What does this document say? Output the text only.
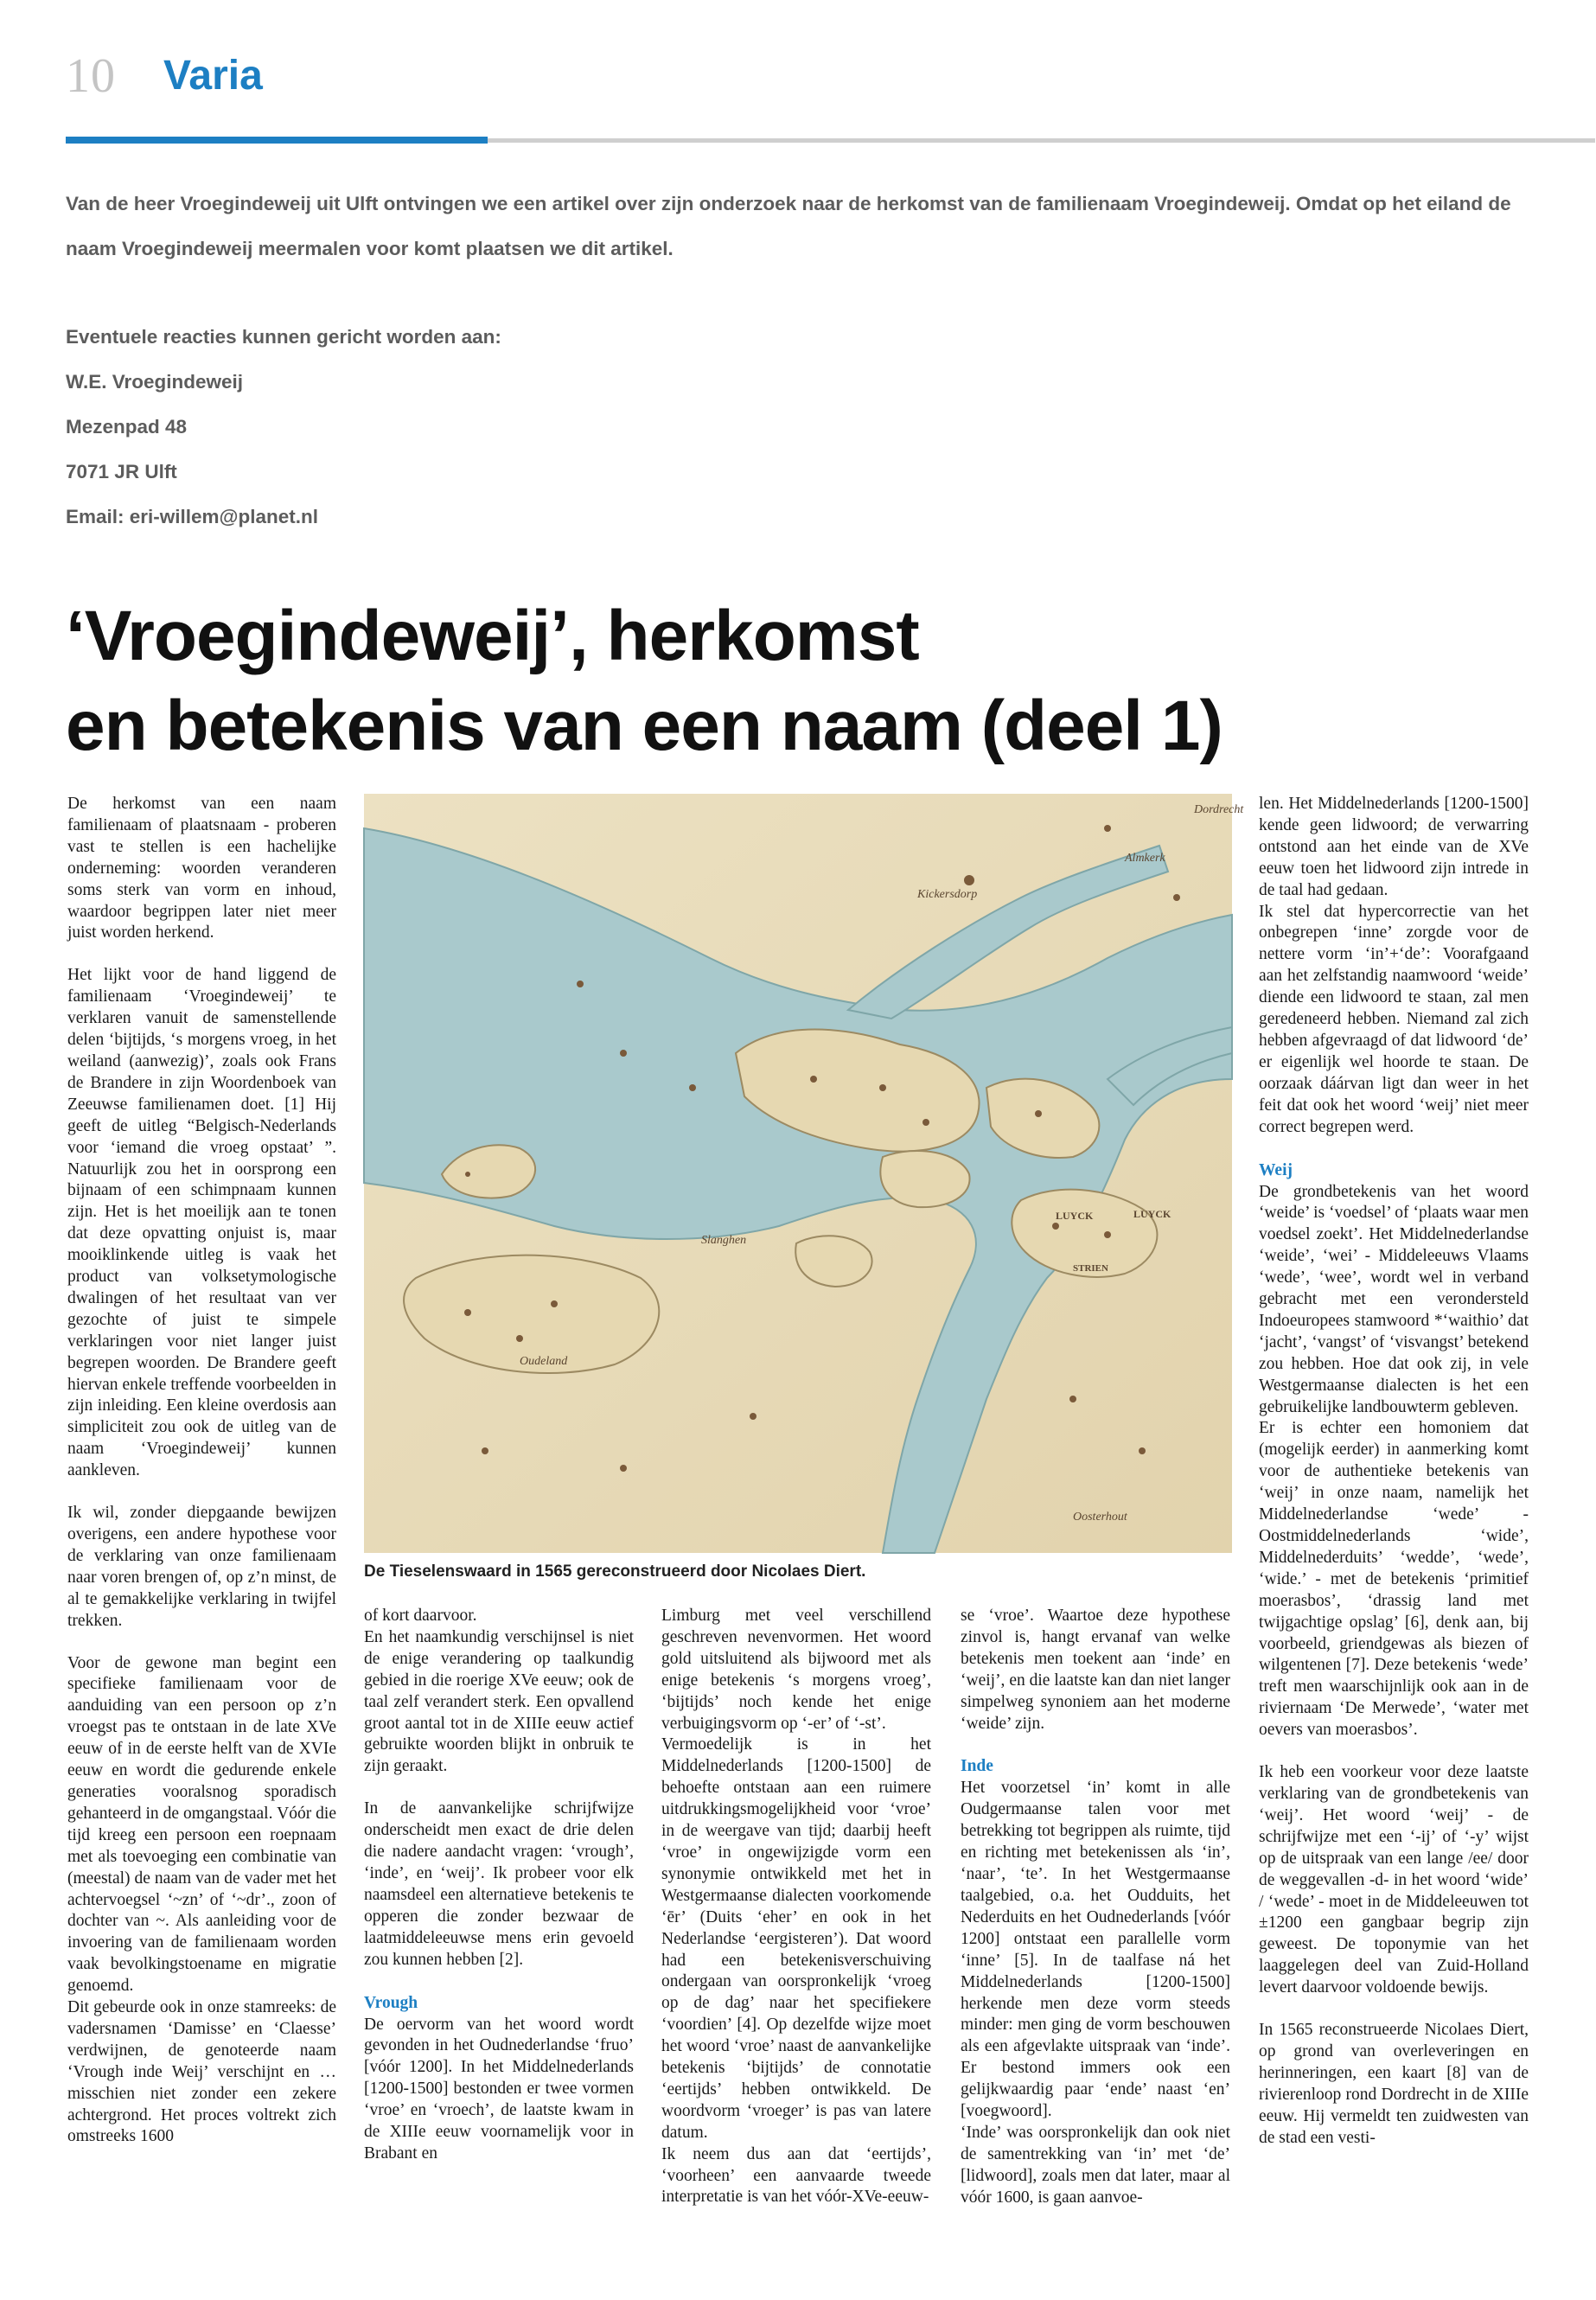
10 Varia

Van de heer Vroegindeweij uit Ulft ontvingen we een artikel over zijn onderzoek naar de herkomst van de familienaam Vroegindeweij. Omdat op het eiland de naam Vroegindeweij meermalen voor komt plaatsen we dit artikel.

Eventuele reacties kunnen gericht worden aan:
W.E. Vroegindeweij
Mezenpad 48
7071 JR Ulft
Email: eri-willem@planet.nl
‘Vroegindeweij’, herkomst
en betekenis van een naam (deel 1)

De herkomst van een naam familienaam of plaatsnaam - proberen vast te stellen is een hachelijke onderneming: woorden veranderen soms sterk van vorm en inhoud, waardoor begrippen later niet meer juist worden herkend.

Het lijkt voor de hand liggend de familienaam ‘Vroegindeweij’ te verklaren vanuit de samenstellende delen ‘bijtijds, ‘s morgens vroeg, in het weiland (aanwezig)’, zoals ook Frans de Brandere in zijn Woordenboek van Zeeuwse familienamen doet. [1] Hij geeft de uitleg “Belgisch-Nederlands voor ‘iemand die vroeg opstaat’ ”. Natuurlijk zou het in oorsprong een bijnaam of een schimpnaam kunnen zijn. Het is het moeilijk aan te tonen dat deze opvatting onjuist is, maar mooiklinkende uitleg is vaak het product van volksetymologische dwalingen of het resultaat van ver gezochte of juist te simpele verklaringen voor niet langer juist begrepen woorden. De Brandere geeft hiervan enkele treffende voorbeelden in zijn inleiding. Een kleine overdosis aan simpliciteit zou ook de uitleg van de naam ‘Vroegindeweij’ kunnen aankleven.

Ik wil, zonder diepgaande bewijzen overigens, een andere hypothese voor de verklaring van onze familienaam naar voren brengen of, op z’n minst, de al te gemakkelijke verklaring in twijfel trekken.

Voor de gewone man begint een specifieke familienaam voor de aanduiding van een persoon op z’n vroegst pas te ontstaan in de late XVe eeuw of in de eerste helft van de XVIe eeuw en wordt die gedurende enkele generaties vooralsnog sporadisch gehanteerd in de omgangstaal. Vóór die tijd kreeg een persoon een roepnaam met als toevoeging een combinatie van (meestal) de naam van de vader met het achtervoegsel ‘~zn’ of ‘~dr’., zoon of dochter van ~. Als aanleiding voor de invoering van de familienaam worden vaak bevolkingstoename en migratie genoemd.

Dit gebeurde ook in onze stamreeks: de vadersnamen ‘Damisse’ en ‘Claesse’ verdwijnen, de genoteerde naam ‘Vrough inde Weij’ verschijnt en … misschien niet zonder een zekere achtergrond. Het proces voltrekt zich omstreeks 1600

Dordrecht
Almkerk
Kickersdorp
Slanghen
LUYCK	LUYCK
STRIEN
Oudeland
Oosterhout
De Tieselenswaard in 1565 gereconstrueerd door Nicolaes Diert.

of kort daarvoor.

En het naamkundig verschijnsel is niet de enige verandering op taalkundig gebied in die roerige XVe eeuw; ook de taal zelf verandert sterk. Een opvallend groot aantal tot in de XIIIe eeuw actief gebruikte woorden blijkt in onbruik te zijn geraakt.

In de aanvankelijke schrijfwijze onderscheidt men exact de drie delen die nadere aandacht vragen: ‘vrough’, ‘inde’, en ‘weij’. Ik probeer voor elk naamsdeel een alternatieve betekenis te opperen die zonder bezwaar de laatmiddeleeuwse mens erin gevoeld zou kunnen hebben [2].

Vrough

De oervorm van het woord wordt gevonden in het Oudnederlandse ‘fruo’ [vóór 1200]. In het Middelnederlands [1200-1500] bestonden er twee vormen ‘vroe’ en ‘vroech’, de laatste kwam in de XIIIe eeuw voornamelijk voor in Brabant en

Limburg met veel verschillend geschreven nevenvormen. Het woord gold uitsluitend als bijwoord met als enige betekenis ‘s morgens vroeg’, ‘bijtijds’ noch kende het enige verbuigingsvorm op ‘-er’ of ‘-st’.

Vermoedelijk is in het Middelnederlands [1200-1500] de behoefte ontstaan aan een ruimere uitdrukkingsmogelijkheid voor ‘vroe’ in de weergave van tijd; daarbij heeft ‘vroe’ in ongewijzigde vorm een synonymie ontwikkeld met het in Westgermaanse dialecten voorkomende ‘ēr’ (Duits ‘eher’ en ook in het Nederlandse ‘eergisteren’). Dat woord had een betekenisverschuiving ondergaan van oorspronkelijk ‘vroeg op de dag’ naar het specifiekere ‘voordien’ [4]. Op dezelfde wijze moet het woord ‘vroe’ naast de aanvankelijke betekenis ‘bijtijds’ de connotatie ‘eertijds’ hebben ontwikkeld. De woordvorm ‘vroeger’ is pas van latere datum.

Ik neem dus aan dat ‘eertijds’, ‘voorheen’ een aanvaarde tweede interpretatie is van het vóór-XVe-eeuw-

se ‘vroe’. Waartoe deze hypothese zinvol is, hangt ervanaf van welke betekenis men toekent aan ‘inde’ en ‘weij’, en die laatste kan dan niet langer simpelweg synoniem aan het moderne ‘weide’ zijn.

Inde

Het voorzetsel ‘in’ komt in alle Oudgermaanse talen voor met betrekking tot begrippen als ruimte, tijd en richting met betekenissen als ‘in’, ‘naar’, ‘te’. In het Westgermaanse taalgebied, o.a. het Oudduits, het Nederduits en het Oudnederlands [vóór 1200] ontstaat een parallelle vorm ‘inne’ [5]. In de taalfase ná het Middelnederlands [1200-1500] herkende men deze vorm steeds minder: men ging de vorm beschouwen als een afgevlakte uitspraak van ‘inde’. Er bestond immers ook een gelijkwaardig paar ‘ende’ naast ‘en’ [voegwoord].

‘Inde’ was oorspronkelijk dan ook niet de samentrekking van ‘in’ met ‘de’ [lidwoord], zoals men dat later, maar al vóór 1600, is gaan aanvoe-

len. Het Middelnederlands [1200-1500] kende geen lidwoord; de verwarring ontstond aan het einde van de XVe eeuw toen het lidwoord zijn intrede in de taal had gedaan.

Ik stel dat hypercorrectie van het onbegrepen ‘inne’ zorgde voor de nettere vorm ‘in’+‘de’: Voorafgaand aan het zelfstandig naamwoord ‘weide’ diende een lidwoord te staan, zal men geredeneerd hebben. Niemand zal zich hebben afgevraagd of dat lidwoord ‘de’ er eigenlijk wel hoorde te staan. De oorzaak dáárvan ligt dan weer in het feit dat ook het woord ‘weij’ niet meer correct begrepen werd.

Weij

De grondbetekenis van het woord ‘weide’ is ‘voedsel’ of ‘plaats waar men voedsel zoekt’. Het Middelnederlandse ‘weide’, ‘wei’ - Middeleeuws Vlaams ‘wede’, ‘wee’, wordt wel in verband gebracht met een verondersteld Indoeuropees stamwoord *‘waithio’ dat ‘jacht’, ‘vangst’ of ‘visvangst’ betekend zou hebben. Hoe dat ook zij, in vele Westgermaanse dialecten is het een gebruikelijke landbouwterm gebleven.

Er is echter een homoniem dat (mogelijk eerder) in aanmerking komt voor de authentieke betekenis van ‘weij’ in onze naam, namelijk het Middelnederlandse ‘wede’ - Oostmiddelnederlands ‘wide’, Middelnederduits’ ‘wedde’, ‘wede’, ‘wide.’ - met de betekenis ‘primitief moerasbos’, ‘drassig land met twijgachtige opslag’ [6], denk aan, bij voorbeeld, griendgewas als biezen of wilgentenen [7]. Deze betekenis ‘wede’ treft men waarschijnlijk ook aan in de riviernaam ‘De Merwede’, ‘water met oevers van moerasbos’.

Ik heb een voorkeur voor deze laatste verklaring van de grondbetekenis van ‘weij’. Het woord ‘weij’ - de schrijfwijze met een ‘-ij’ of ‘-y’ wijst op de uitspraak van een lange /ee/ door de weggevallen -d- in het woord ‘wide’ / ‘wede’ - moet in de Middeleeuwen tot ±1200 een gangbaar begrip zijn geweest. De toponymie van het laaggelegen deel van Zuid-Holland levert daarvoor voldoende bewijs.

In 1565 reconstrueerde Nicolaes Diert, op grond van overleveringen en herinneringen, een kaart [8] van de rivierenloop rond Dordrecht in de XIIIe eeuw. Hij vermeldt ten zuidwesten van de stad een vesti-
